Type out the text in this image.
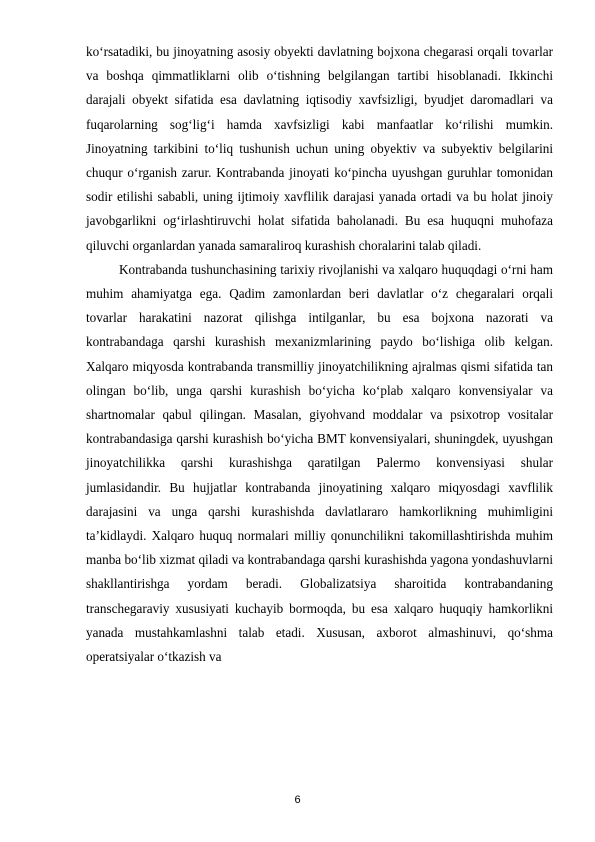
ko‘rsatadiki, bu jinoyatning asosiy obyekti davlatning bojxona chegarasi orqali tovarlar va boshqa qimmatliklarni olib o‘tishning belgilangan tartibi hisoblanadi. Ikkinchi darajali obyekt sifatida esa davlatning iqtisodiy xavfsizligi, byudjet daromadlari va fuqarolarning sog‘lig‘i hamda xavfsizligi kabi manfaatlar ko‘rilishi mumkin. Jinoyatning tarkibini to‘liq tushunish uchun uning obyektiv va subyektiv belgilarini chuqur o‘rganish zarur. Kontrabanda jinoyati ko‘pincha uyushgan guruhlar tomonidan sodir etilishi sababli, uning ijtimoiy xavflilik darajasi yanada ortadi va bu holat jinoiy javobgarlikni og‘irlashtiruvchi holat sifatida baholanadi. Bu esa huquqni muhofaza qiluvchi organlardan yanada samaraliroq kurashish choralarini talab qiladi.

Kontrabanda tushunchasining tarixiy rivojlanishi va xalqaro huquqdagi o‘rni ham muhim ahamiyatga ega. Qadim zamonlardan beri davlatlar o‘z chegaralari orqali tovarlar harakatini nazorat qilishga intilganlar, bu esa bojxona nazorati va kontrabandaga qarshi kurashish mexanizmlarining paydo bo‘lishiga olib kelgan. Xalqaro miqyosda kontrabanda transmilliy jinoyatchilikning ajralmas qismi sifatida tan olingan bo‘lib, unga qarshi kurashish bo‘yicha ko‘plab xalqaro konvensiyalar va shartnomalar qabul qilingan. Masalan, giyohvand moddalar va psixotrop vositalar kontrabandasiga qarshi kurashish bo‘yicha BMT konvensiyalari, shuningdek, uyushgan jinoyatchilikka qarshi kurashishga qaratilgan Palermo konvensiyasi shular jumlasidandir. Bu hujjatlar kontrabanda jinoyatining xalqaro miqyosdagi xavflilik darajasini va unga qarshi kurashishda davlatlararo hamkorlikning muhimligini ta’kidlaydi. Xalqaro huquq normalari milliy qonunchilikni takomillashtirishda muhim manba bo‘lib xizmat qiladi va kontrabandaga qarshi kurashishda yagona yondashuvlarni shakllantirishga yordam beradi. Globalizatsiya sharoitida kontrabandaning transchegaraviy xususiyati kuchayib bormoqda, bu esa xalqaro huquqiy hamkorlikni yanada mustahkamlashni talab etadi. Xususan, axborot almashinuvi, qo‘shma operatsiyalar o‘tkazish va

6
